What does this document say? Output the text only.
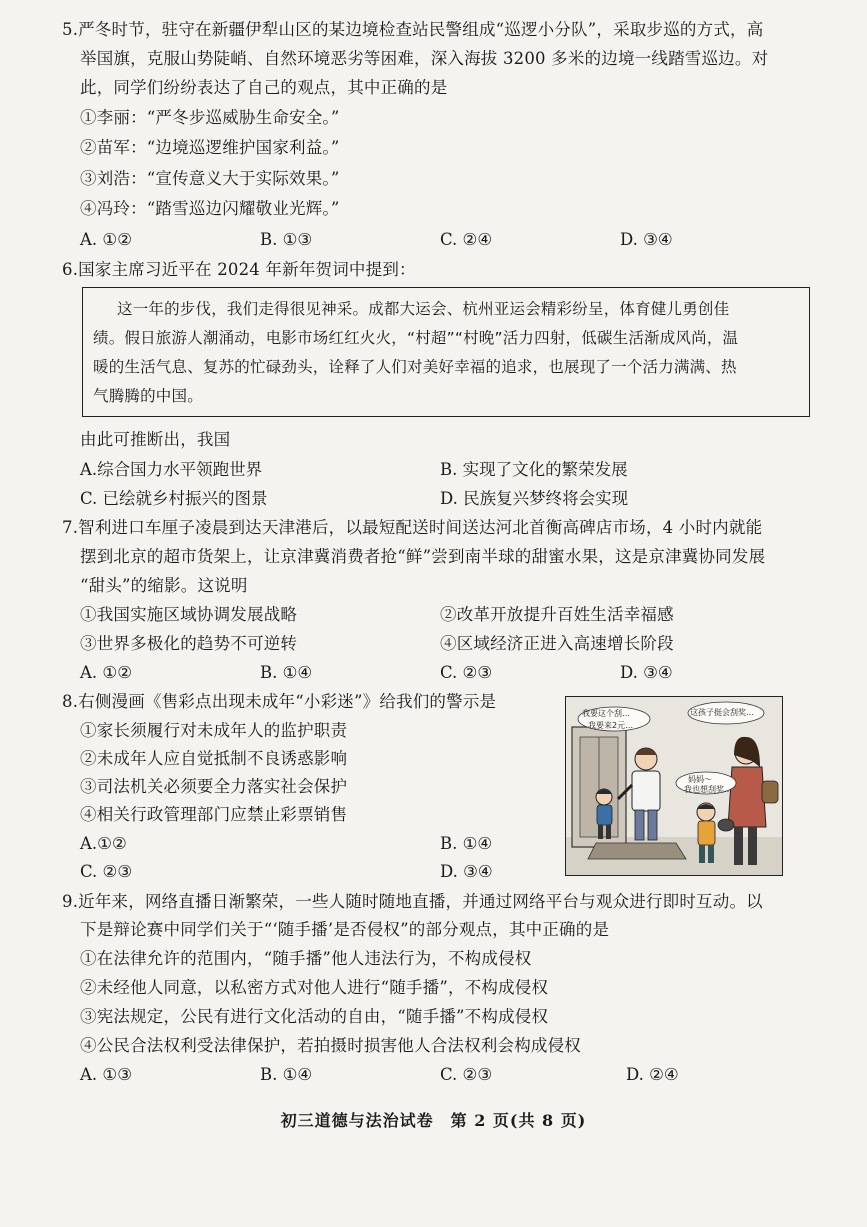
5.严冬时节，驻守在新疆伊犁山区的某边境检查站民警组成“巡逻小分队”，采取步巡的方式，高
举国旗，克服山势陡峭、自然环境恶劣等困难，深入海拔 3200 多米的边境一线踏雪巡边。对
此，同学们纷纷表达了自己的观点，其中正确的是
①李丽：“严冬步巡威胁生命安全。”
②苗军：“边境巡逻维护国家利益。”
③刘浩：“宣传意义大于实际效果。”
④冯玲：“踏雪巡边闪耀敬业光辉。”
A. ①②	B. ①③	C. ②④	D. ③④
6.国家主席习近平在 2024 年新年贺词中提到：
这一年的步伐，我们走得很见神采。成都大运会、杭州亚运会精彩纷呈，体育健儿勇创佳
绩。假日旅游人潮涌动，电影市场红红火火，“村超”“村晚”活力四射，低碳生活渐成风尚，温
暖的生活气息、复苏的忙碌劲头，诠释了人们对美好幸福的追求，也展现了一个活力满满、热
气腾腾的中国。
由此可推断出，我国
A.综合国力水平领跑世界	B. 实现了文化的繁荣发展
C. 已绘就乡村振兴的图景	D. 民族复兴梦终将会实现
7.智利进口车厘子凌晨到达天津港后，以最短配送时间送达河北首衡高碑店市场，4 小时内就能
摆到北京的超市货架上，让京津冀消费者抢“鲜”尝到南半球的甜蜜水果，这是京津冀协同发展
“甜头”的缩影。这说明
①我国实施区域协调发展战略	②改革开放提升百姓生活幸福感
③世界多极化的趋势不可逆转	④区域经济正进入高速增长阶段
A. ①②	B. ①④	C. ②③	D. ③④
8.右侧漫画《售彩点出现未成年“小彩迷”》给我们的警示是
①家长须履行对未成年人的监护职责
②未成年人应自觉抵制不良诱惑影响
③司法机关必须要全力落实社会保护
④相关行政管理部门应禁止彩票销售
A.①②	B. ①④
C. ②③	D. ③④
我要这个刮…
我要来2元…
妈妈～
我也想刮奖…
这孩子挺会刮奖…
9.近年来，网络直播日渐繁荣，一些人随时随地直播，并通过网络平台与观众进行即时互动。以
下是辩论赛中同学们关于“‘随手播’是否侵权”的部分观点，其中正确的是
①在法律允许的范围内，“随手播”他人违法行为，不构成侵权
②未经他人同意，以私密方式对他人进行“随手播”，不构成侵权
③宪法规定，公民有进行文化活动的自由，“随手播”不构成侵权
④公民合法权利受法律保护，若拍摄时损害他人合法权利会构成侵权
A. ①③	B. ①④	C. ②③	D. ②④
初三道德与法治试卷　第 2 页(共 8 页)
